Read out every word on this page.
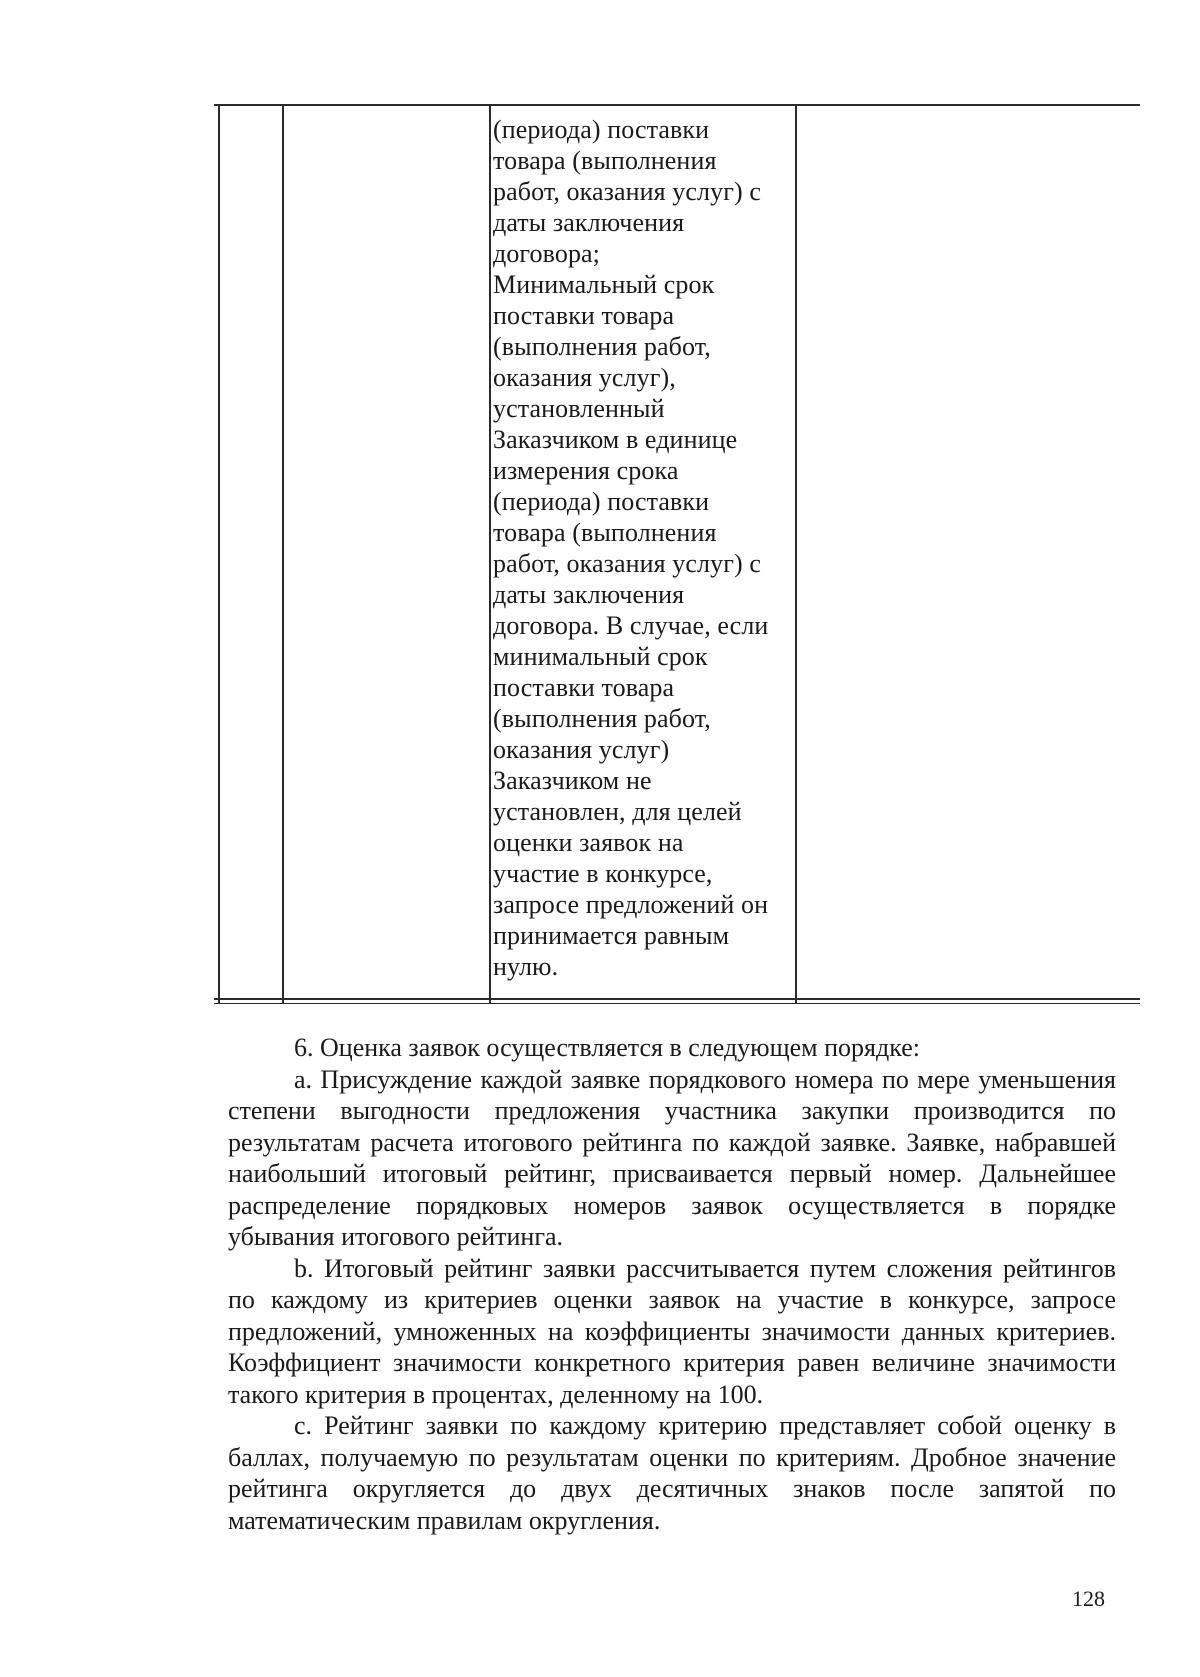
(периода) поставки
товара (выполнения
работ, оказания услуг) с
даты заключения
договора;
Минимальный срок
поставки товара
(выполнения работ,
оказания услуг),
установленный
Заказчиком в единице
измерения срока
(периода) поставки
товара (выполнения
работ, оказания услуг) с
даты заключения
договора. В случае, если
минимальный срок
поставки товара
(выполнения работ,
оказания услуг)
Заказчиком не
установлен, для целей
оценки заявок на
участие в конкурсе,
запросе предложений он
принимается равным
нулю.

6. Оценка заявок осуществляется в следующем порядке:

a. Присуждение каждой заявке порядкового номера по мере уменьшения степени выгодности предложения участника закупки производится по результатам расчета итогового рейтинга по каждой заявке. Заявке, набравшей наибольший итоговый рейтинг, присваивается первый номер. Дальнейшее распределение порядковых номеров заявок осуществляется в порядке убывания итогового рейтинга.

b. Итоговый рейтинг заявки рассчитывается путем сложения рейтингов по каждому из критериев оценки заявок на участие в конкурсе, запросе предложений, умноженных на коэффициенты значимости данных критериев. Коэффициент значимости конкретного критерия равен величине значимости такого критерия в процентах, деленному на 100.

c. Рейтинг заявки по каждому критерию представляет собой оценку в баллах, получаемую по результатам оценки по критериям. Дробное значение рейтинга округляется до двух десятичных знаков после запятой по математическим правилам округления.

128
